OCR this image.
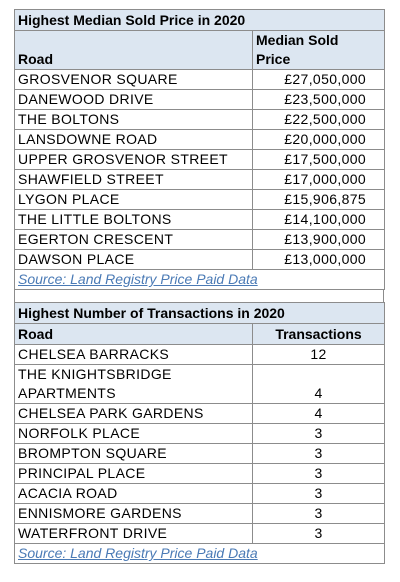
Highest Median Sold Price in 2020	
Road	Median Sold
Price

GROSVENOR SQUARE	£27,050,000
DANEWOOD DRIVE	£23,500,000
THE BOLTONS	£22,500,000
LANSDOWNE ROAD	£20,000,000
UPPER GROSVENOR STREET	£17,500,000
SHAWFIELD STREET	£17,000,000
LYGON PLACE	£15,906,875
THE LITTLE BOLTONS	£14,100,000
EGERTON CRESCENT	£13,900,000
DAWSON PLACE	£13,000,000
Source: Land Registry Price Paid Data	
Highest Number of Transactions in 2020	
Road	Transactions
CHELSEA BARRACKS	12
THE KNIGHTSBRIDGE APARTMENTS	4
CHELSEA PARK GARDENS	4
NORFOLK PLACE	3
BROMPTON SQUARE	3
PRINCIPAL PLACE	3
ACACIA ROAD	3
ENNISMORE GARDENS	3
WATERFRONT DRIVE	3
Source: Land Registry Price Paid Data	
